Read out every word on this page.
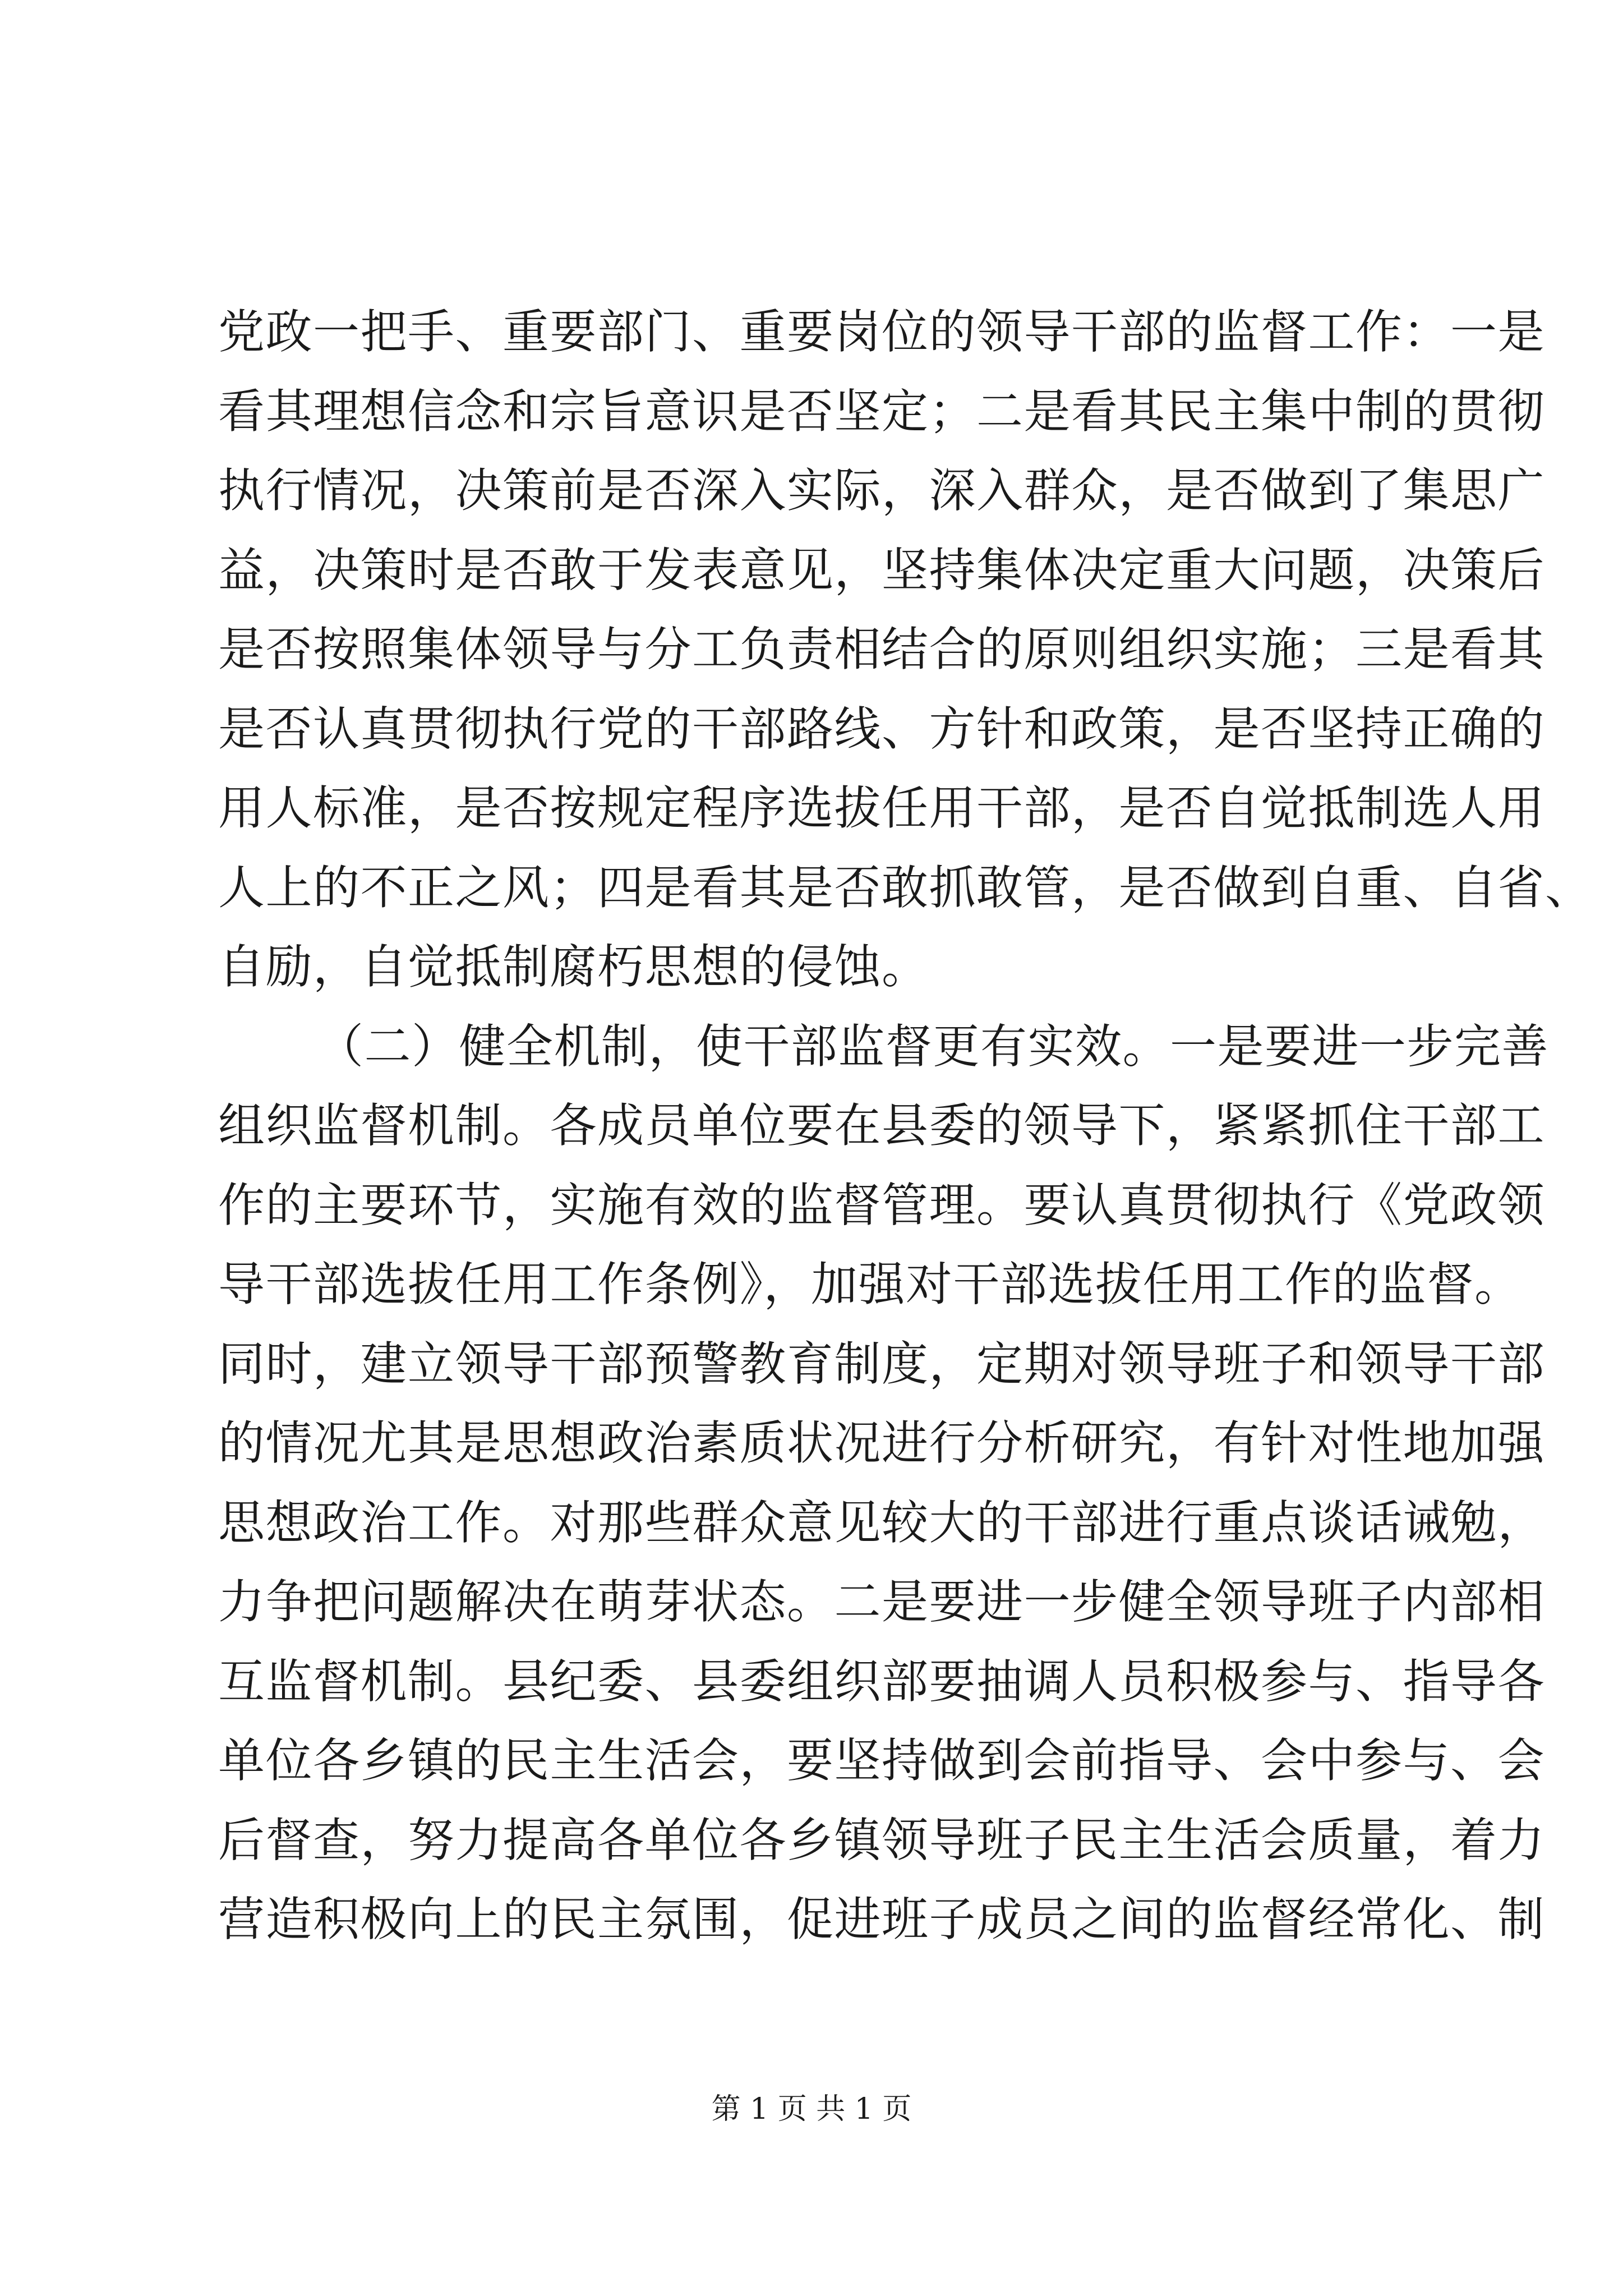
党政一把手、重要部门、重要岗位的领导干部的监督工作：一是
看其理想信念和宗旨意识是否坚定；二是看其民主集中制的贯彻
执行情况，决策前是否深入实际，深入群众，是否做到了集思广
益，决策时是否敢于发表意见，坚持集体决定重大问题，决策后
是否按照集体领导与分工负责相结合的原则组织实施；三是看其
是否认真贯彻执行党的干部路线、方针和政策，是否坚持正确的
用人标准，是否按规定程序选拔任用干部，是否自觉抵制选人用
人上的不正之风；四是看其是否敢抓敢管，是否做到自重、自省、
自励，自觉抵制腐朽思想的侵蚀。
（二）健全机制，使干部监督更有实效。一是要进一步完善
组织监督机制。各成员单位要在县委的领导下，紧紧抓住干部工
作的主要环节，实施有效的监督管理。要认真贯彻执行《党政领
导干部选拔任用工作条例》，加强对干部选拔任用工作的监督。
同时，建立领导干部预警教育制度，定期对领导班子和领导干部
的情况尤其是思想政治素质状况进行分析研究，有针对性地加强
思想政治工作。对那些群众意见较大的干部进行重点谈话诫勉，
力争把问题解决在萌芽状态。二是要进一步健全领导班子内部相
互监督机制。县纪委、县委组织部要抽调人员积极参与、指导各
单位各乡镇的民主生活会，要坚持做到会前指导、会中参与、会
后督查，努力提高各单位各乡镇领导班子民主生活会质量，着力
营造积极向上的民主氛围，促进班子成员之间的监督经常化、制
第 1 页 共 1 页
